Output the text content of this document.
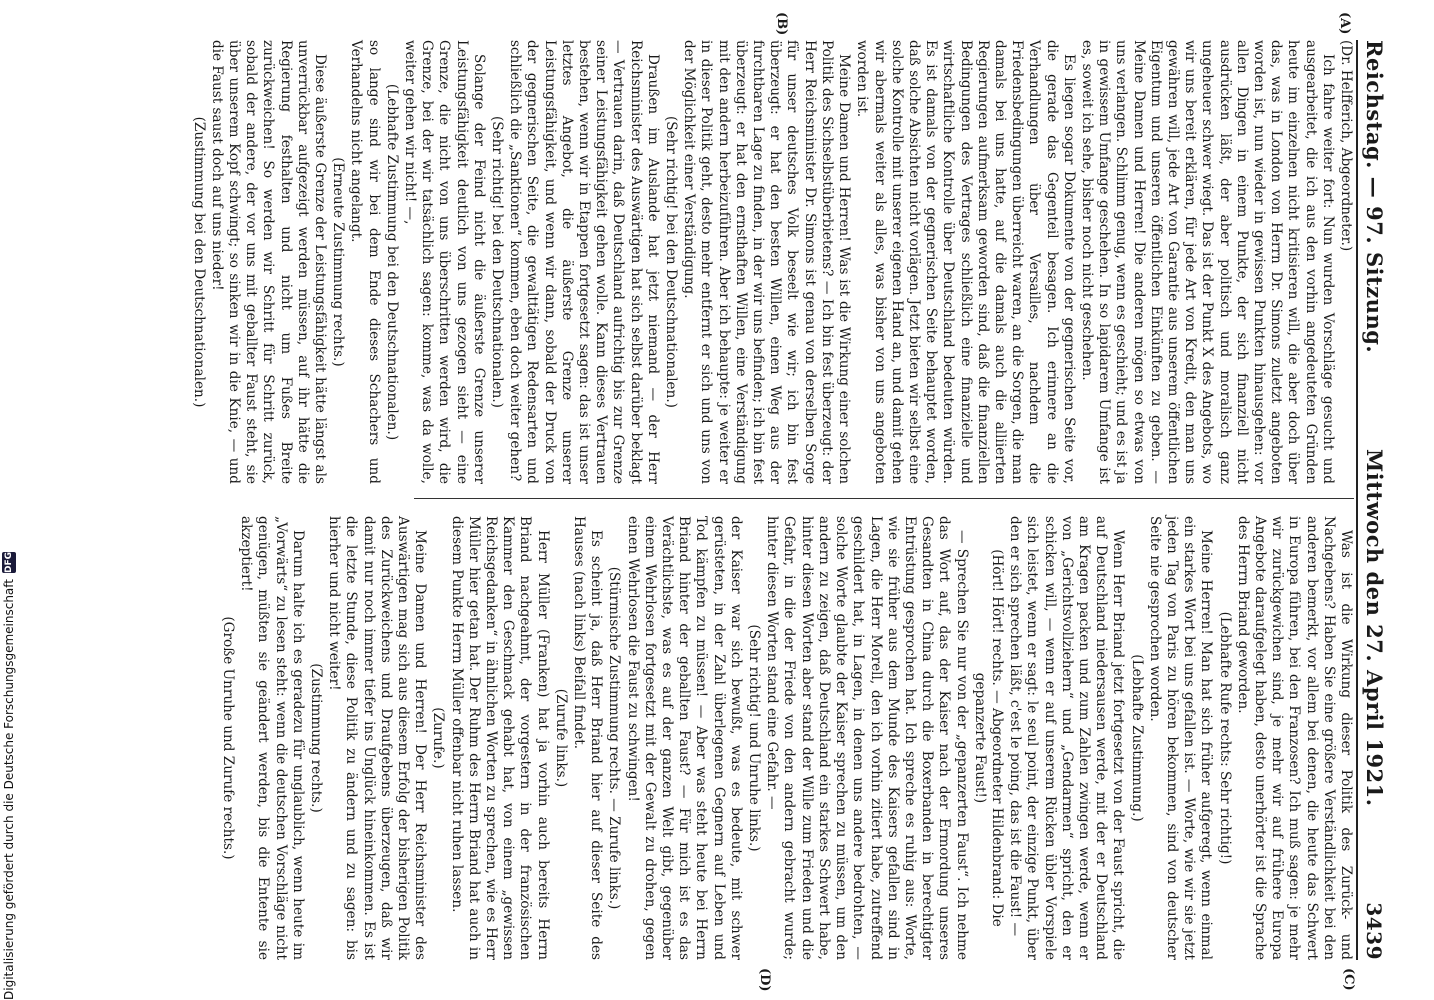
Digitalisierung gefördert durch die Deutsche Forschungsgemeinschaft
DFG
Reichstag. — 97. Sitzung.
Mittwoch den 27. April 1921.
3439
(A)
(B)
(C)
(D)

(Dr. Helfferich, Abgeordneter.)

Ich fahre weiter fort: Nun wurden Vorschläge gesucht und ausgearbeitet, die ich aus den vorhin angedeuteten Gründen heute im einzelnen nicht kritisieren will, die aber doch über das, was in London von Herrn Dr. Simons zuletzt angeboten worden ist, nun wieder in gewissen Punkten hinausgehen: vor allen Dingen in einem Punkte, der sich finanziell nicht ausdrücken läßt, der aber politisch und moralisch ganz ungeheuer schwer wiegt. Das ist der Punkt X des Angebots, wo wir uns bereit erklären, für jede Art von Kredit, den man uns gewähren will, jede Art von Garantie aus unserem öffentlichen Eigentum und unseren öffentlichen Einkünften zu geben. — Meine Damen und Herren! Die anderen mögen so etwas von uns verlangen. Schlimm genug, wenn es geschieht; und es ist ja in gewissem Umfange geschehen. In so lapidarem Umfange ist es, soweit ich sehe, bisher noch nicht geschehen.

Es liegen sogar Dokumente von der gegnerischen Seite vor, die gerade das Gegenteil besagen. Ich erinnere an die Verhandlungen über Versailles, nachdem die Friedensbedingungen überreicht waren, an die Sorgen, die man damals bei uns hatte, auf die damals auch die alliierten Regierungen aufmerksam geworden sind, daß die finanziellen Bedingungen des Vertrages schließlich eine finanzielle und wirtschaftliche Kontrolle über Deutschland bedeuten würden. Es ist damals von der gegnerischen Seite behauptet worden, daß solche Absichten nicht vorlägen. Jetzt bieten wir selbst eine solche Kontrolle mit unserer eigenen Hand an, und damit gehen wir abermals weiter als alles, was bisher von uns angeboten worden ist.

Meine Damen und Herren! Was ist die Wirkung einer solchen Politik des Sichselbstüberbietens? — Ich bin fest überzeugt: der Herr Reichsminister Dr. Simons ist genau von derselben Sorge für unser deutsches Volk beseelt wie wir; ich bin fest überzeugt: er hat den besten Willen, einen Weg aus der furchtbaren Lage zu finden, in der wir uns befinden; ich bin fest überzeugt: er hat den ernsthaften Willen, eine Verständigung mit den andern herbeizuführen. Aber ich behaupte: je weiter er in dieser Politik geht, desto mehr entfernt er sich und uns von der Möglichkeit einer Verständigung.

(Sehr richtig! bei den Deutschnationalen.)

Draußen im Auslande hat jetzt niemand — der Herr Reichsminister des Auswärtigen hat sich selbst darüber beklagt — Vertrauen darin, daß Deutschland aufrichtig bis zur Grenze seiner Leistungsfähigkeit gehen wolle. Kann dieses Vertrauen bestehen, wenn wir in Etappen fortgesetzt sagen: das ist unser letztes Angebot, die äußerste Grenze unserer Leistungsfähigkeit, und wenn wir dann, sobald der Druck von der gegnerischen Seite, die gewalttätigen Redensarten und schließlich die „Sanktionen“ kommen, eben doch weiter gehen?

(Sehr richtig! bei den Deutschnationalen.)

Solange der Feind nicht die äußerste Grenze unserer Leistungsfähigkeit deutlich von uns gezogen sieht — eine Grenze, die nicht von uns überschritten werden wird, die Grenze, bei der wir tatsächlich sagen: komme, was da wolle, weiter gehen wir nicht! —,

(Lebhafte Zustimmung bei den Deutschnationalen.)

so lange sind wir bei dem Ende dieses Schachers und Verhandelns nicht angelangt.

(Erneute Zustimmung rechts.)

Diese äußerste Grenze der Leistungsfähigkeit hätte längst als unverrückbar aufgezeigt werden müssen, auf ihr hätte die Regierung festhalten und nicht um Fußes Breite zurückweichen! So werden wir Schritt für Schritt zurück, sobald der andere, der vor uns mit geballter Faust steht, sie über unserem Kopf schwingt; so sinken wir in die Knie, — und die Faust saust doch auf uns nieder!

(Zustimmung bei den Deutschnationalen.)

Was ist die Wirkung dieser Politik des Zurück- und Nachgebens? Haben Sie eine größere Verständlichkeit bei den anderen bemerkt, vor allem bei denen, die heute das Schwert in Europa führen, bei den Franzosen? Ich muß sagen: je mehr wir zurückgewichen sind, je mehr wir auf frühere Europa Angebote daraufgelegt haben, desto unerhörter ist die Sprache des Herrn Briand geworden.

(Lebhafte Rufe rechts: Sehr richtig!)

Meine Herren! Man hat sich früher aufgeregt, wenn einmal ein starkes Wort bei uns gefallen ist. — Worte, wie wir sie jetzt jeden Tag von Paris zu hören bekommen, sind von deutscher Seite nie gesprochen worden.

(Lebhafte Zustimmung.)

Wenn Herr Briand jetzt fortgesetzt von der Faust spricht, die auf Deutschland niedersausen werde, mit der er Deutschland am Kragen packen und zum Zahlen zwingen werde, wenn er von „Gerichtsvollziehern“ und „Gendarmen“ spricht, den er schicken will, — wenn er auf unserem Rücken übler Vorspiele sich leistet, wenn er sagt: le seul point, der einzige Punkt, über den er sich sprechen läßt, c'est le poing, das ist die Faust! —

(Hört! Hört! rechts. — Abgeordneter Hildenbrand: Die gepanzerte Faust!)

— Sprechen Sie nur von der „gepanzerten Faust“. Ich nehme das Wort auf, das der Kaiser nach der Ermordung unseres Gesandten in China durch die Boxerbanden in berechtigter Entrüstung gesprochen hat. Ich spreche es ruhig aus: Worte, wie sie früher aus dem Munde des Kaisers gefallen sind in Lagen, die Herr Morell, den ich vorhin zitiert habe, zutreffend geschildert hat, in Lagen, in denen uns andere bedrohten, — solche Worte glaubte der Kaiser sprechen zu müssen, um den andern zu zeigen, daß Deutschland ein starkes Schwert habe, hinter diesen Worten aber stand der Wille zum Frieden und die Gefahr, in die der Friede von den andern gebracht wurde; hinter diesen Worten stand eine Gefahr. —

(Sehr richtig! und Unruhe links.)

der Kaiser war sich bewußt, was es bedeute, mit schwer gerüsteten, in der Zahl überlegenen Gegnern auf Leben und Tod kämpfen zu müssen! — Aber was steht heute bei Herrn Briand hinter der geballten Faust? — Für mich ist es das Verächtlichste, was es auf der ganzen Welt gibt, gegenüber einem Wehrlosen fortgesetzt mit der Gewalt zu drohen, gegen einen Wehrlosen die Faust zu schwingen!

(Stürmische Zustimmung rechts. — Zurufe links.)

Es scheint ja, daß Herr Briand hier auf dieser Seite des Hauses (nach links) Beifall findet.

(Zurufe links.)

Herr Müller (Franken) hat ja vorhin auch bereits Herrn Briand nachgeahmt, der vorgestern in der französischen Kammer den Geschmack gehabt hat, von einem „gewissen Reichsgedanken“ in ähnlichen Worten zu sprechen, wie es Herr Müller hier getan hat. Der Ruhm des Herrn Briand hat auch in diesem Punkte Herrn Müller offenbar nicht ruhen lassen.

(Zurufe.)

Meine Damen und Herren! Der Herr Reichsminister des Auswärtigen mag sich aus diesem Erfolg der bisherigen Politik des Zurückweichens und Draufgebens überzeugen, daß wir damit nur noch immer tiefer ins Unglück hineinkommen. Es ist die letzte Stunde, diese Politik zu ändern und zu sagen: bis hierher und nicht weiter!

(Zustimmung rechts.)

Darum halte ich es geradezu für unglaublich, wenn heute im „Vorwärts“ zu lesen steht: wenn die deutschen Vorschläge nicht genügen, müßten sie geändert werden, bis die Entente sie akzeptiert!

(Große Unruhe und Zurufe rechts.)
